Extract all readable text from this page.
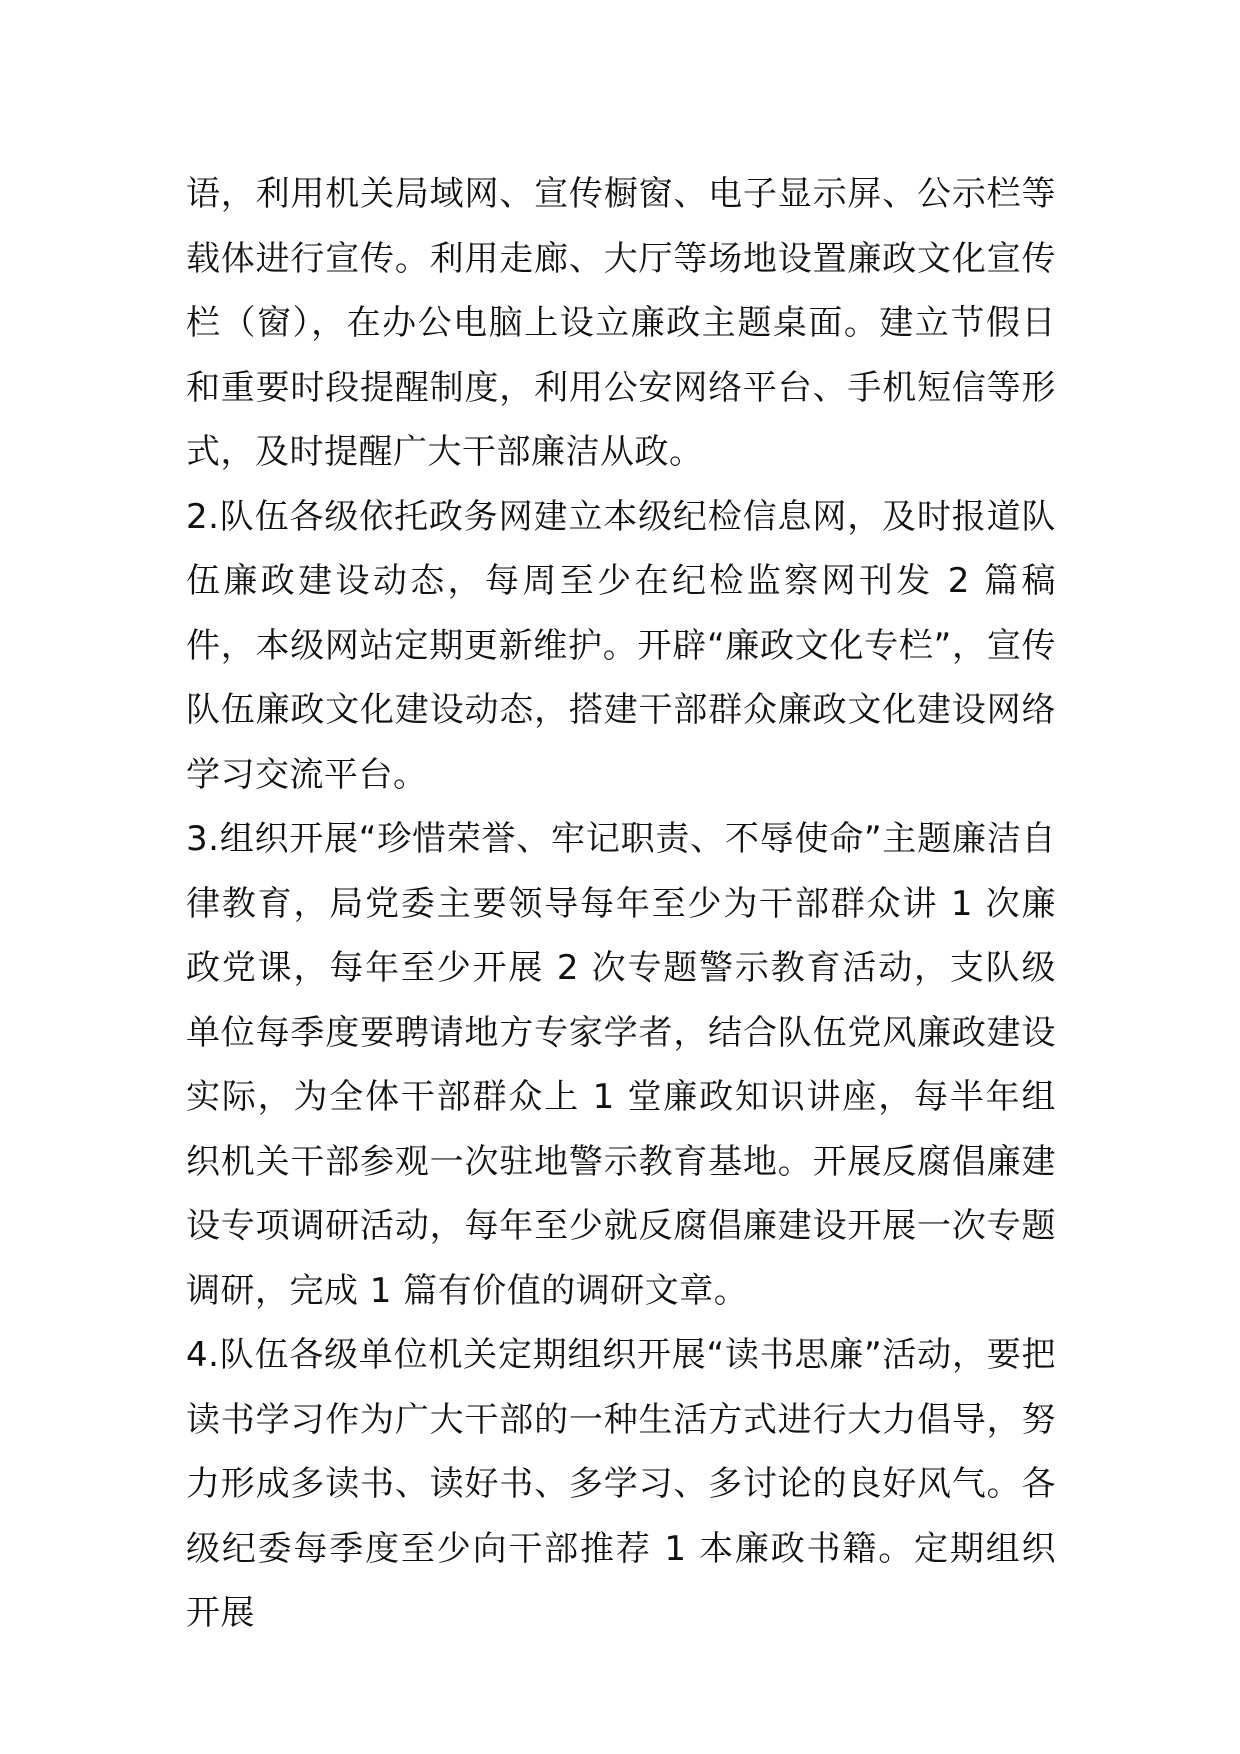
语，利用机关局域网、宣传橱窗、电子显示屏、公示栏等载体进行宣传。利用走廊、大厅等场地设置廉政文化宣传栏（窗），在办公电脑上设立廉政主题桌面。建立节假日和重要时段提醒制度，利用公安网络平台、手机短信等形式，及时提醒广大干部廉洁从政。

2.队伍各级依托政务网建立本级纪检信息网，及时报道队伍廉政建设动态，每周至少在纪检监察网刊发 2 篇稿件，本级网站定期更新维护。开辟“廉政文化专栏”，宣传队伍廉政文化建设动态，搭建干部群众廉政文化建设网络学习交流平台。

3.组织开展“珍惜荣誉、牢记职责、不辱使命”主题廉洁自律教育，局党委主要领导每年至少为干部群众讲 1 次廉政党课，每年至少开展 2 次专题警示教育活动，支队级单位每季度要聘请地方专家学者，结合队伍党风廉政建设实际，为全体干部群众上 1 堂廉政知识讲座，每半年组织机关干部参观一次驻地警示教育基地。开展反腐倡廉建设专项调研活动，每年至少就反腐倡廉建设开展一次专题调研，完成 1 篇有价值的调研文章。

4.队伍各级单位机关定期组织开展“读书思廉”活动，要把读书学习作为广大干部的一种生活方式进行大力倡导，努力形成多读书、读好书、多学习、多讨论的良好风气。各级纪委每季度至少向干部推荐 1 本廉政书籍。定期组织开展
